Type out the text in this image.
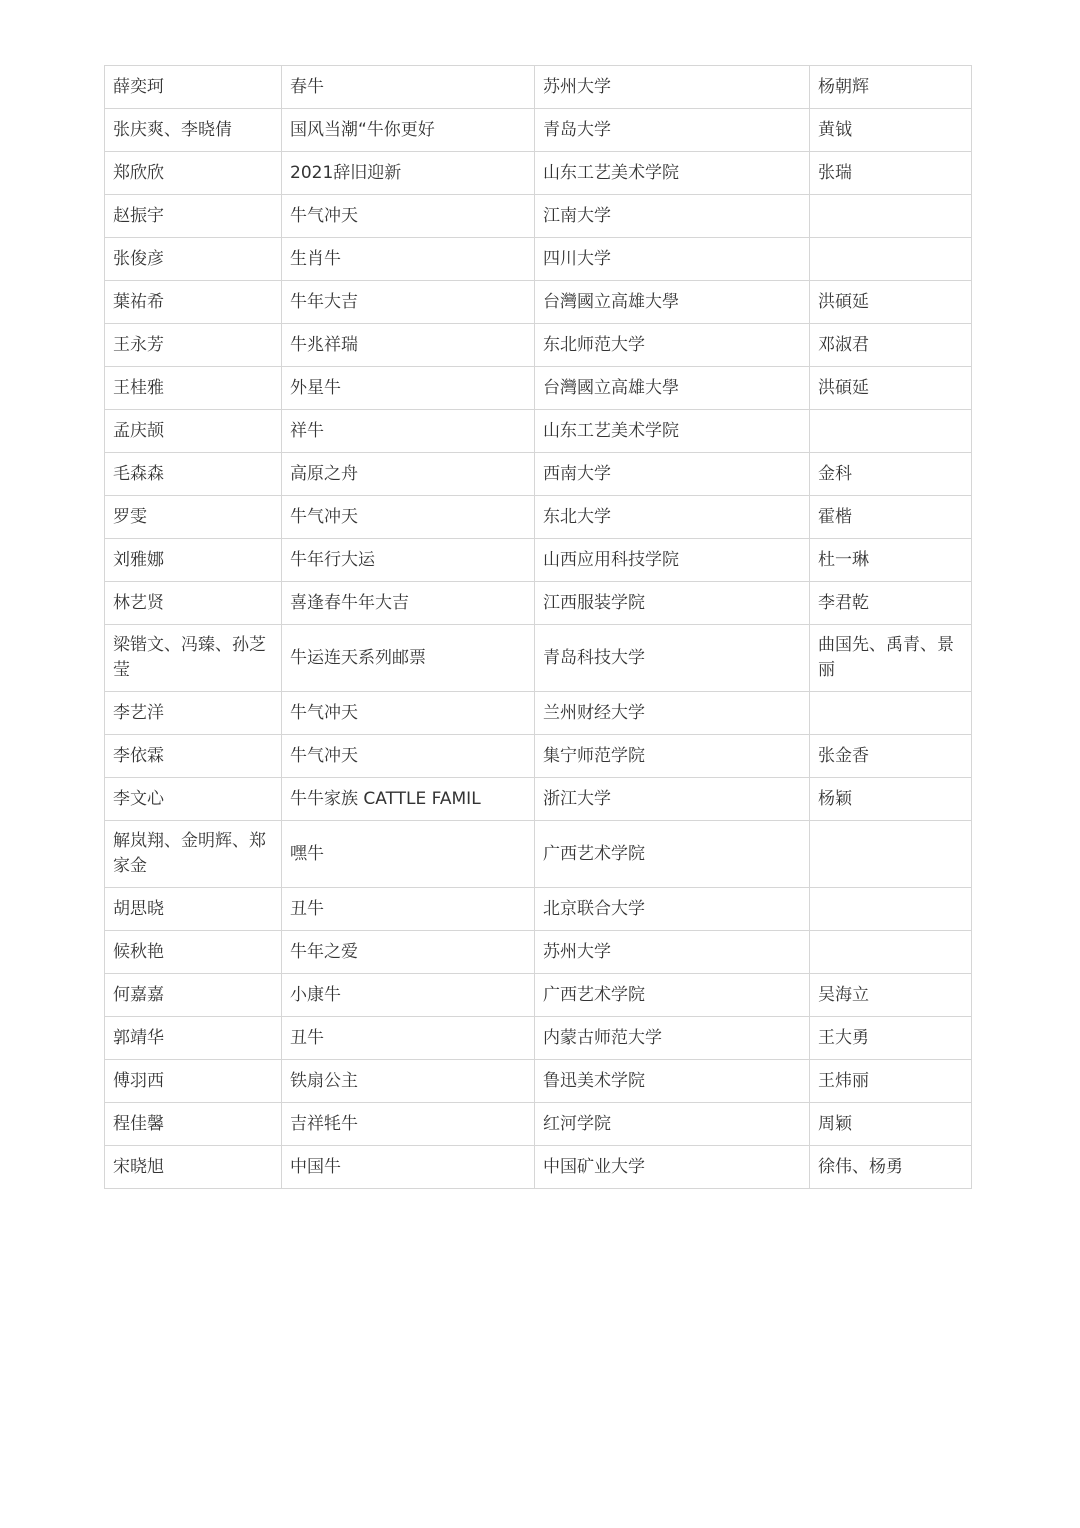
薛奕珂	春牛	苏州大学	杨朝辉
张庆爽、李晓倩	国风当潮“牛你更好	青岛大学	黄钺
郑欣欣	2021辞旧迎新	山东工艺美术学院	张瑞
赵振宇	牛气冲天	江南大学	
张俊彦	生肖牛	四川大学	
葉祐希	牛年大吉	台灣國立高雄大學	洪碩延
王永芳	牛兆祥瑞	东北师范大学	邓淑君
王桂雅	外星牛	台灣國立高雄大學	洪碩延
孟庆颉	祥牛	山东工艺美术学院	
毛森森	高原之舟	西南大学	金科
罗雯	牛气冲天	东北大学	霍楷
刘雅娜	牛年行大运	山西应用科技学院	杜一琳
林艺贤	喜逢春牛年大吉	江西服装学院	李君乾
梁锴文、冯臻、孙芝莹	牛运连天系列邮票	青岛科技大学	曲国先、禹青、景丽
李艺洋	牛气冲天	兰州财经大学	
李依霖	牛气冲天	集宁师范学院	张金香
李文心	牛牛家族 CATTLE FAMIL	浙江大学	杨颖
解岚翔、金明辉、郑家金	嘿牛	广西艺术学院	
胡思晓	丑牛	北京联合大学	
候秋艳	牛年之爱	苏州大学	
何嘉嘉	小康牛	广西艺术学院	吴海立
郭靖华	丑牛	内蒙古师范大学	王大勇
傅羽西	铁扇公主	鲁迅美术学院	王炜丽
程佳馨	吉祥牦牛	红河学院	周颖
宋晓旭	中国牛	中国矿业大学	徐伟、杨勇
